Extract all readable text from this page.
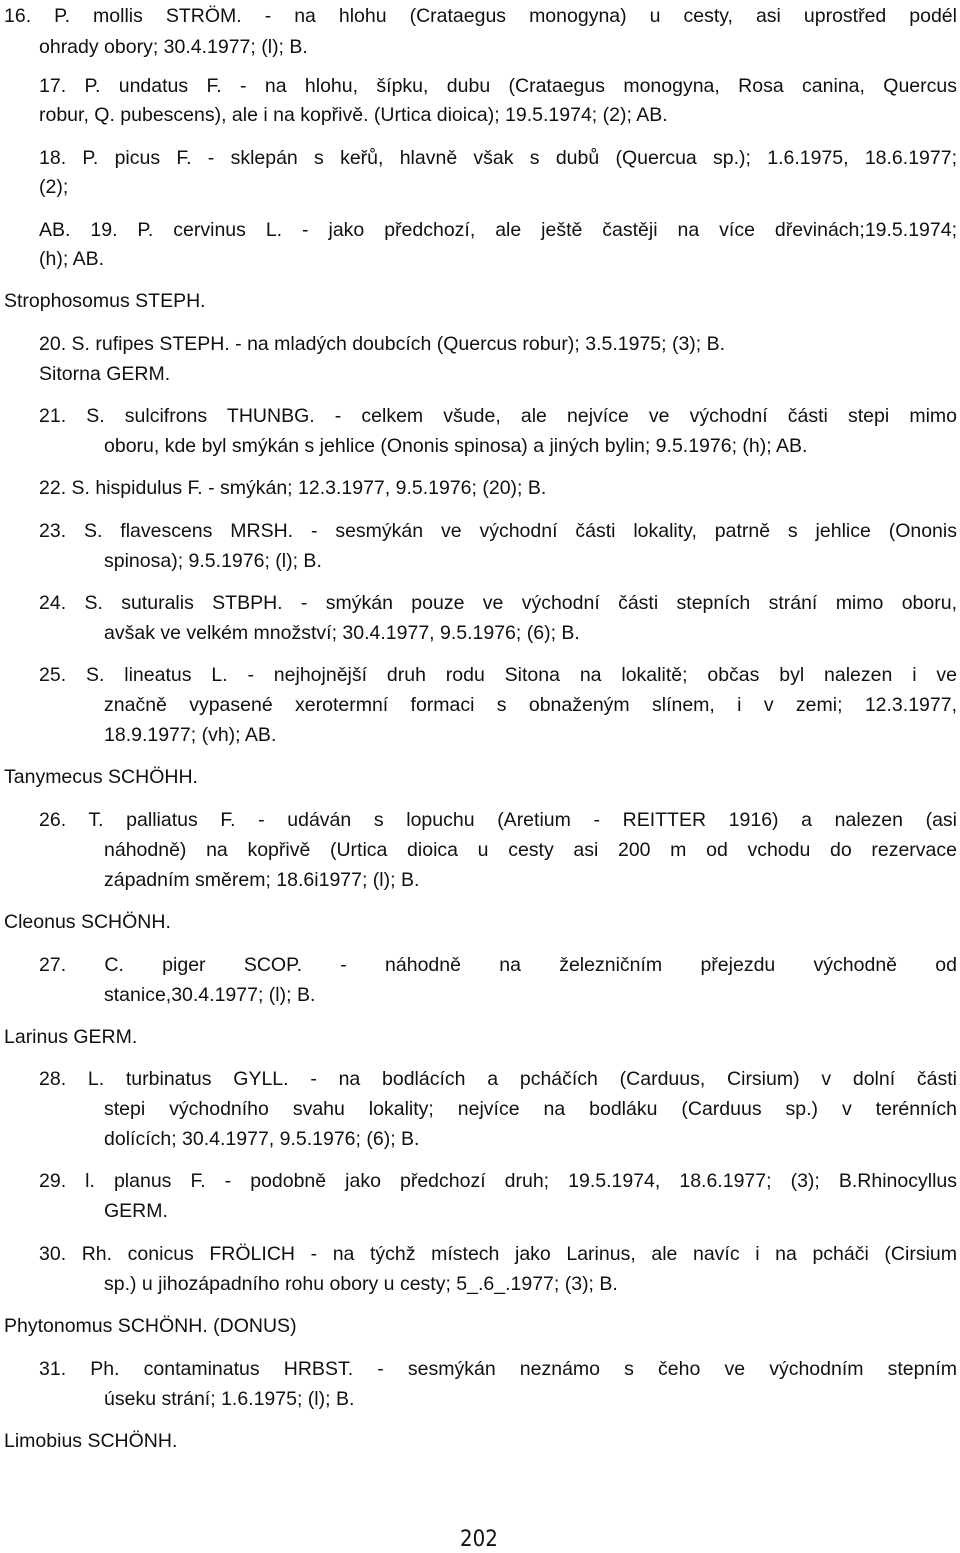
16. P. mollis STRÖM. - na hlohu (Crataegus monogyna) u cesty, asi uprostřed podél
ohrady obory; 30.4.1977; (l); B.
17. P. undatus F. - na hlohu, šípku, dubu (Crataegus monogyna, Rosa canina, Quercus
robur, Q. pubescens), ale i na kopřivě. (Urtica dioica); 19.5.1974; (2); AB.
18. P. picus F. - sklepán s keřů, hlavně však s dubů (Quercua sp.); 1.6.1975, 18.6.1977;
(2);
AB. 19. P. cervinus L. - jako předchozí, ale ještě častěji na více dřevinách;19.5.1974;
(h); AB.
Strophosomus STEPH.
20. S. rufipes STEPH. - na mladých doubcích (Quercus robur); 3.5.1975; (3); B.
Sitorna GERM.
21. S. sulcifrons THUNBG. - celkem všude, ale nejvíce ve východní části stepi mimo
oboru, kde byl smýkán s jehlice (Ononis spinosa) a jiných bylin; 9.5.1976; (h); AB.
22. S. hispidulus F. - smýkán; 12.3.1977, 9.5.1976; (20); B.
23. S. flavescens MRSH. - sesmýkán ve východní části lokality, patrně s jehlice (Ononis
spinosa); 9.5.1976; (l); B.
24. S. suturalis STBPH. - smýkán pouze ve východní části stepních strání mimo oboru,
avšak ve velkém množství; 30.4.1977, 9.5.1976; (6); B.
25. S. lineatus L. - nejhojnější druh rodu Sitona na lokalitě; občas byl nalezen i ve
značně vypasené xerotermní formaci s obnaženým slínem, i v zemi; 12.3.1977,
18.9.1977; (vh); AB.
Tanymecus SCHÖHH.
26. T. palliatus F. - udáván s lopuchu (Aretium - REITTER 1916) a nalezen (asi
náhodně) na kopřivě (Urtica dioica u cesty asi 200 m od vchodu do rezervace
západním směrem; 18.6i1977; (l); B.
Cleonus SCHÖNH.
27. C. piger SCOP. - náhodně na železničním přejezdu východně od
stanice,30.4.1977; (l); B.
Larinus GERM.
28. L. turbinatus GYLL. - na bodlácích a pcháčích (Carduus, Cirsium) v dolní části
stepi východního svahu lokality; nejvíce na bodláku (Carduus sp.) v terénních
dolících; 30.4.1977, 9.5.1976; (6); B.
29. l. planus F. - podobně jako předchozí druh; 19.5.1974, 18.6.1977; (3); B.Rhinocyllus
GERM.
30. Rh. conicus FRÖLICH - na týchž místech jako Larinus, ale navíc i na pcháči (Cirsium
sp.) u jihozápadního rohu obory u cesty; 5_.6_.1977; (3); B.
Phytonomus SCHÖNH. (DONUS)
31. Ph. contaminatus HRBST. - sesmýkán neznámo s čeho ve východním stepním
úseku strání; 1.6.1975; (l); B.
Limobius SCHÖNH.
202
